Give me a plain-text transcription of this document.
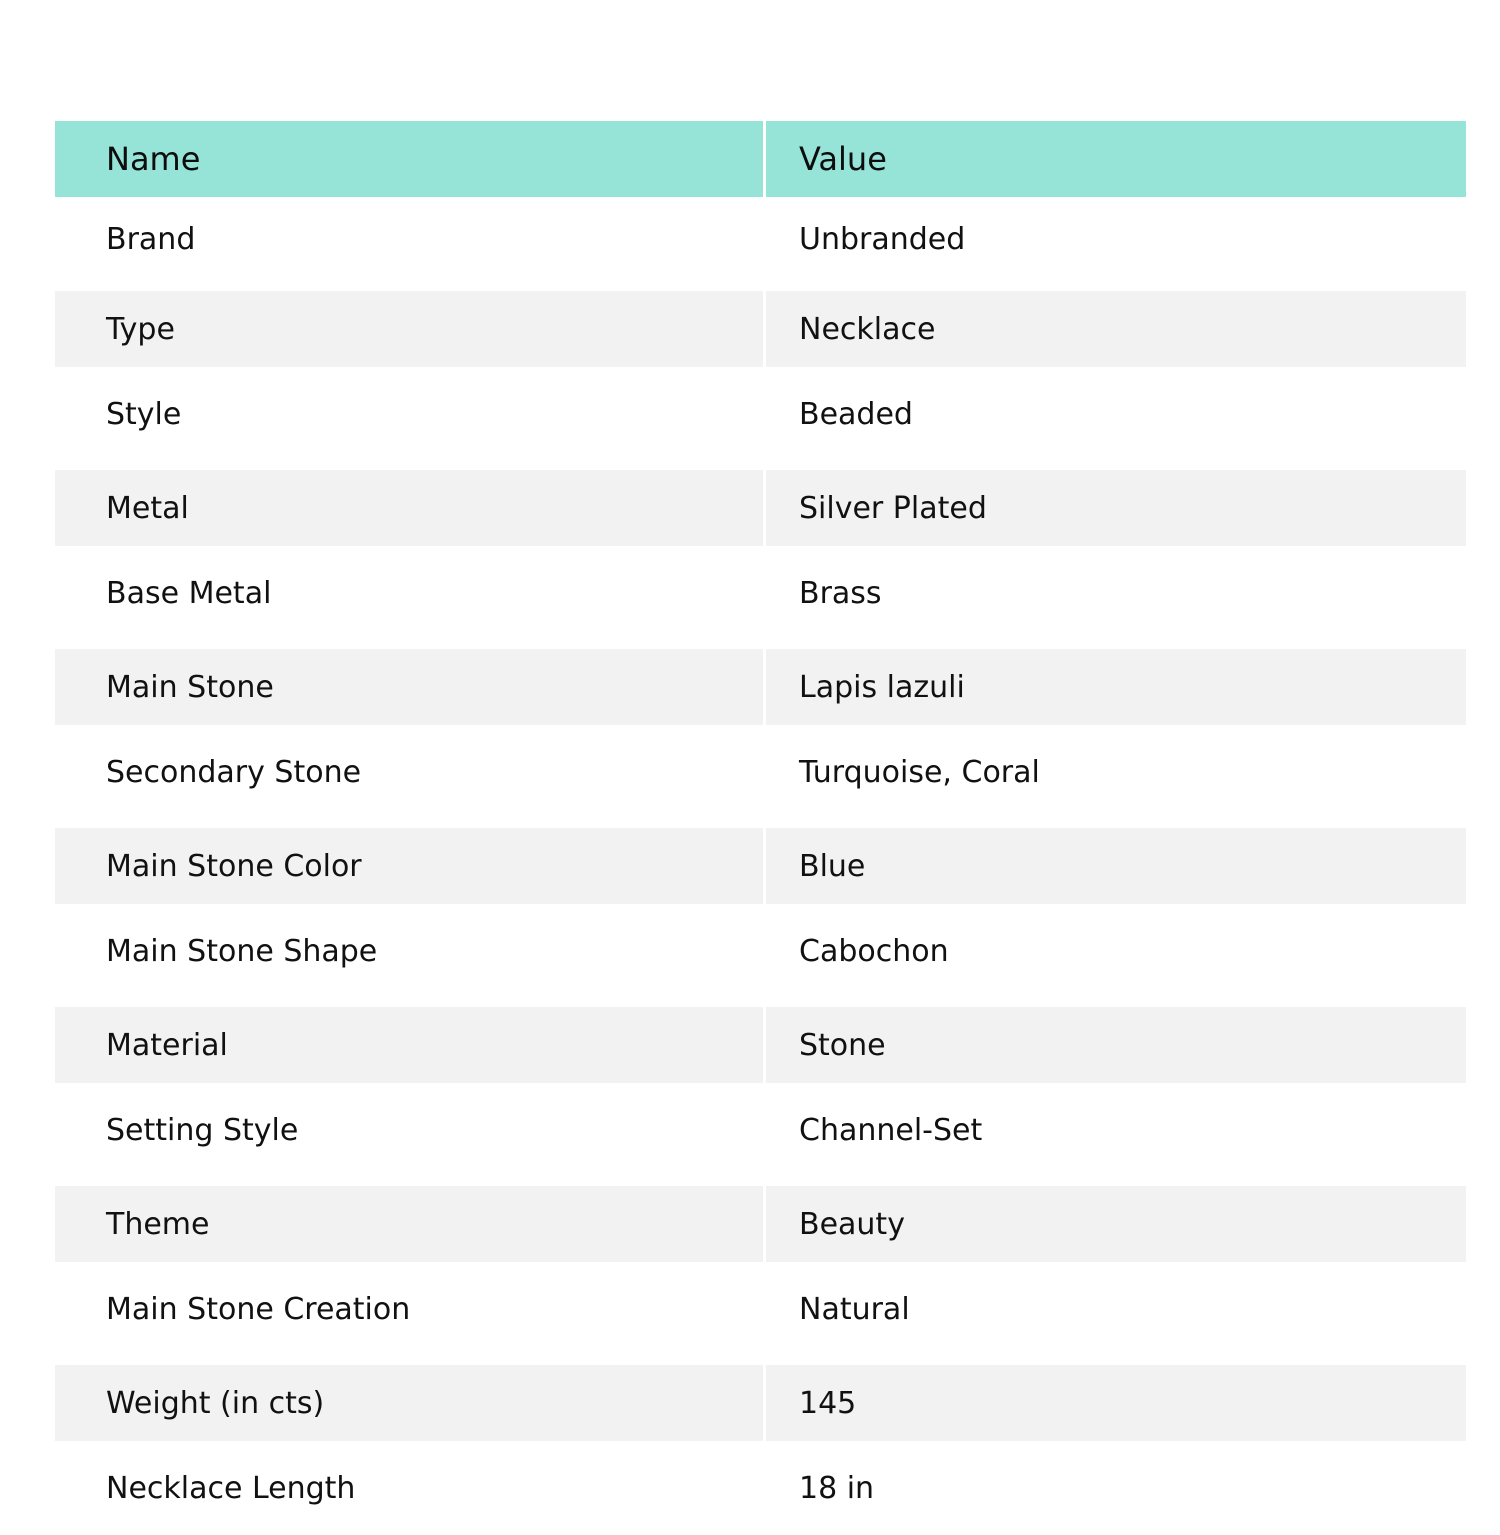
Name	Value
Brand	Unbranded
Type	Necklace
Style	Beaded
Metal	Silver Plated
Base Metal	Brass
Main Stone	Lapis lazuli
Secondary Stone	Turquoise, Coral
Main Stone Color	Blue
Main Stone Shape	Cabochon
Material	Stone
Setting Style	Channel-Set
Theme	Beauty
Main Stone Creation	Natural
Weight (in cts)	145
Necklace Length	18 in
